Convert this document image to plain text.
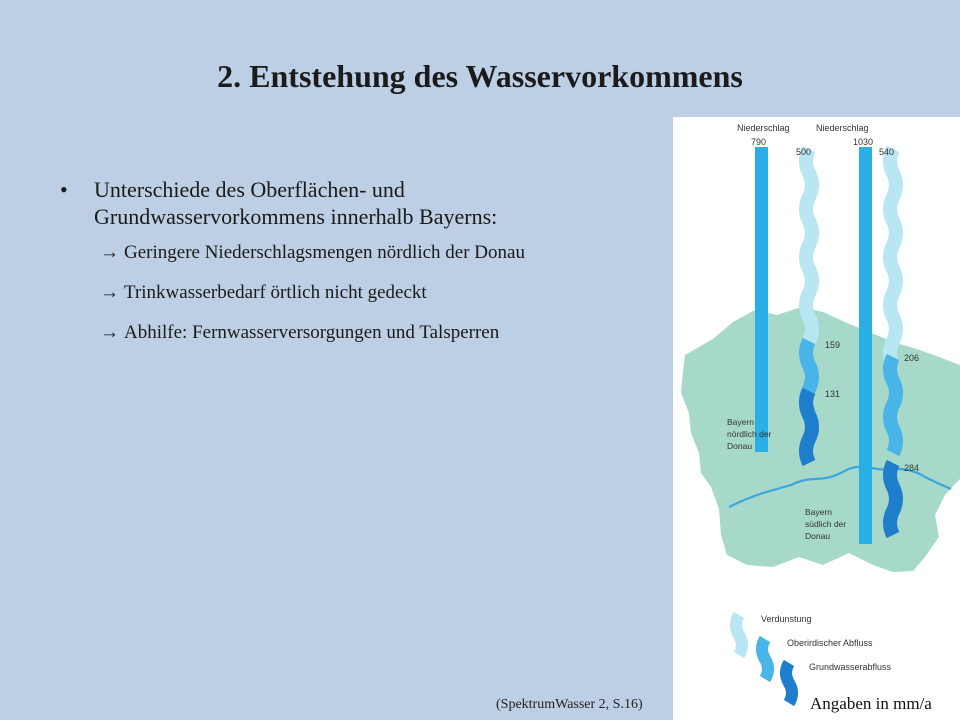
2. Entstehung des Wasservorkommens
•	Unterschiede des Oberflächen- und
Grundwasservorkommens innerhalb Bayerns:
→ Geringere Niederschlagsmengen nördlich der Donau
→ Trinkwasserbedarf örtlich nicht gedeckt
→ Abhilfe: Fernwasserversorgungen und Talsperren
(SpektrumWasser 2, S.16)
Niederschlag
790
500
Niederschlag
1030
540
159
131
206
284
Bayern
nördlich der
Donau
Bayern
südlich der
Donau
Verdunstung
Oberirdischer Abfluss
Grundwasserabfluss
Angaben in mm/a
